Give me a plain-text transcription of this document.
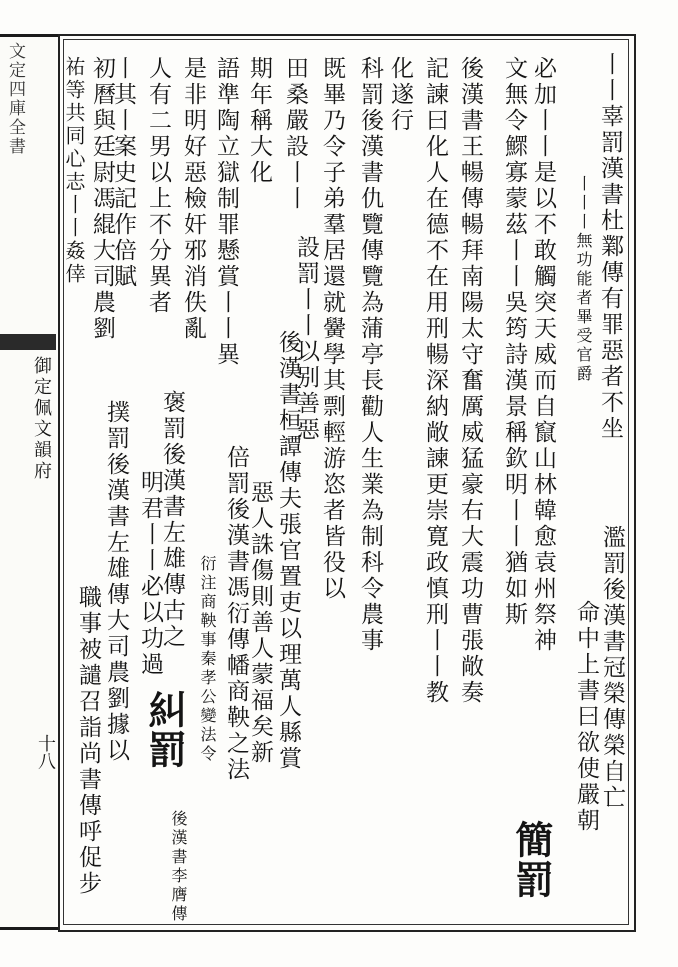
文定四庫全書
御定佩文韻府
十八
丨丨辜罰漢書杜鄴傳有罪惡者不坐
丨丨丨無功能者畢受官爵
濫罰後漢書冠榮傳榮自亡
命中上書曰欲使嚴朝
必加丨丨是以不敢觸突天威而自竄山林韓愈袁州祭神
文無令鰥寡蒙茲丨丨吳筠詩漢景稱欽明丨丨猶如斯
簡罰
後漢書王暢傳暢拜南陽太守奮厲威猛豪右大震功曹張敞奏
記諫曰化人在德不在用刑暢深納敞諫更崇寛政慎刑丨丨教
化遂行
科罰後漢書仇覽傳覽為蒲亭長勸人生業為制科令農事
既畢乃令子弟羣居還就黌學其剽輕游恣者皆役以
田桑嚴設丨丨
設罰丨丨以别善惡
後漢書桓譚傳夫張官置吏以理萬人縣賞
期年稱大化
語準陶立獄制罪懸賞丨丨異
惡人誅傷則善人蒙福矣新
倍罰後漢書馮衍傳幡商鞅之法
是非明好惡檢奸邪消佚亂
衍注商鞅事秦孝公變法令
人有二男以上不分異者
褒罰後漢書左雄傳古之
明君丨丨必以功過
丨其丨案史記作倍賦
糾罰
後漢書李膺傳
初曆與廷尉馮緄大司農劉
撲罰後漢書左雄傳大司農劉據以
職事被譴召詣尚書傳呼促步
祐等共同心志丨丨姦倖
